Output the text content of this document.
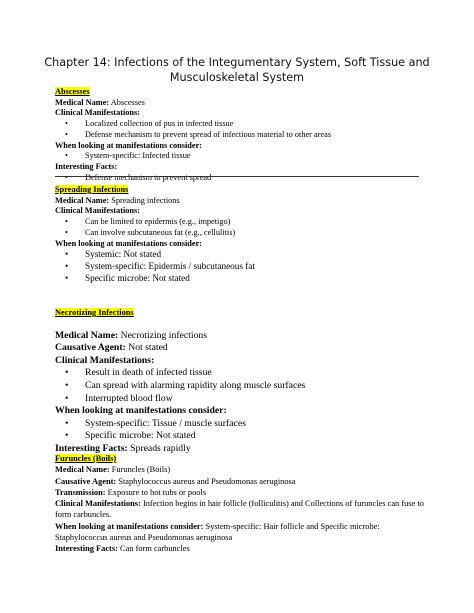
Chapter 14: Infections of the Integumentary System, Soft Tissue and Musculoskeletal System
Abscesses
Medical Name: Abscesses
Clinical Manifestations:
• Localized collection of pus in infected tissue
• Defense mechanism to prevent spread of infectious material to other areas
When looking at manifestations consider:
• System-specific: Infected tissue
Interesting Facts:
• Defense mechanism to prevent spread
Spreading Infections
Medical Name: Spreading infections
Clinical Manifestations:
• Can be limited to epidermis (e.g., impetigo)
• Can involve subcutaneous fat (e.g., cellulitis)
When looking at manifestations consider:
• Systemic: Not stated
• System-specific: Epidermis / subcutaneous fat
• Specific microbe: Not stated
Necrotizing Infections
Medical Name: Necrotizing infections
Causative Agent: Not stated
Clinical Manifestations:
• Result in death of infected tissue
• Can spread with alarming rapidity along muscle surfaces
• Interrupted blood flow
When looking at manifestations consider:
• System-specific: Tissue / muscle surfaces
• Specific microbe: Not stated
Interesting Facts: Spreads rapidly
Furuncles (Boils)
Medical Name: Furuncles (Boils)
Causative Agent: Staphylococcus aureus and Pseudomonas aeruginosa
Transmission: Exposure to hot tubs or pools
Clinical Manifestations: Infection begins in hair follicle (folliculitis) and Collections of furuncles can fuse to form carbuncles.
When looking at manifestations consider: System-specific: Hair follicle and Specific microbe: Staphylococcus aureus and Pseudomonas aeruginosa
Interesting Facts: Can form carbuncles
